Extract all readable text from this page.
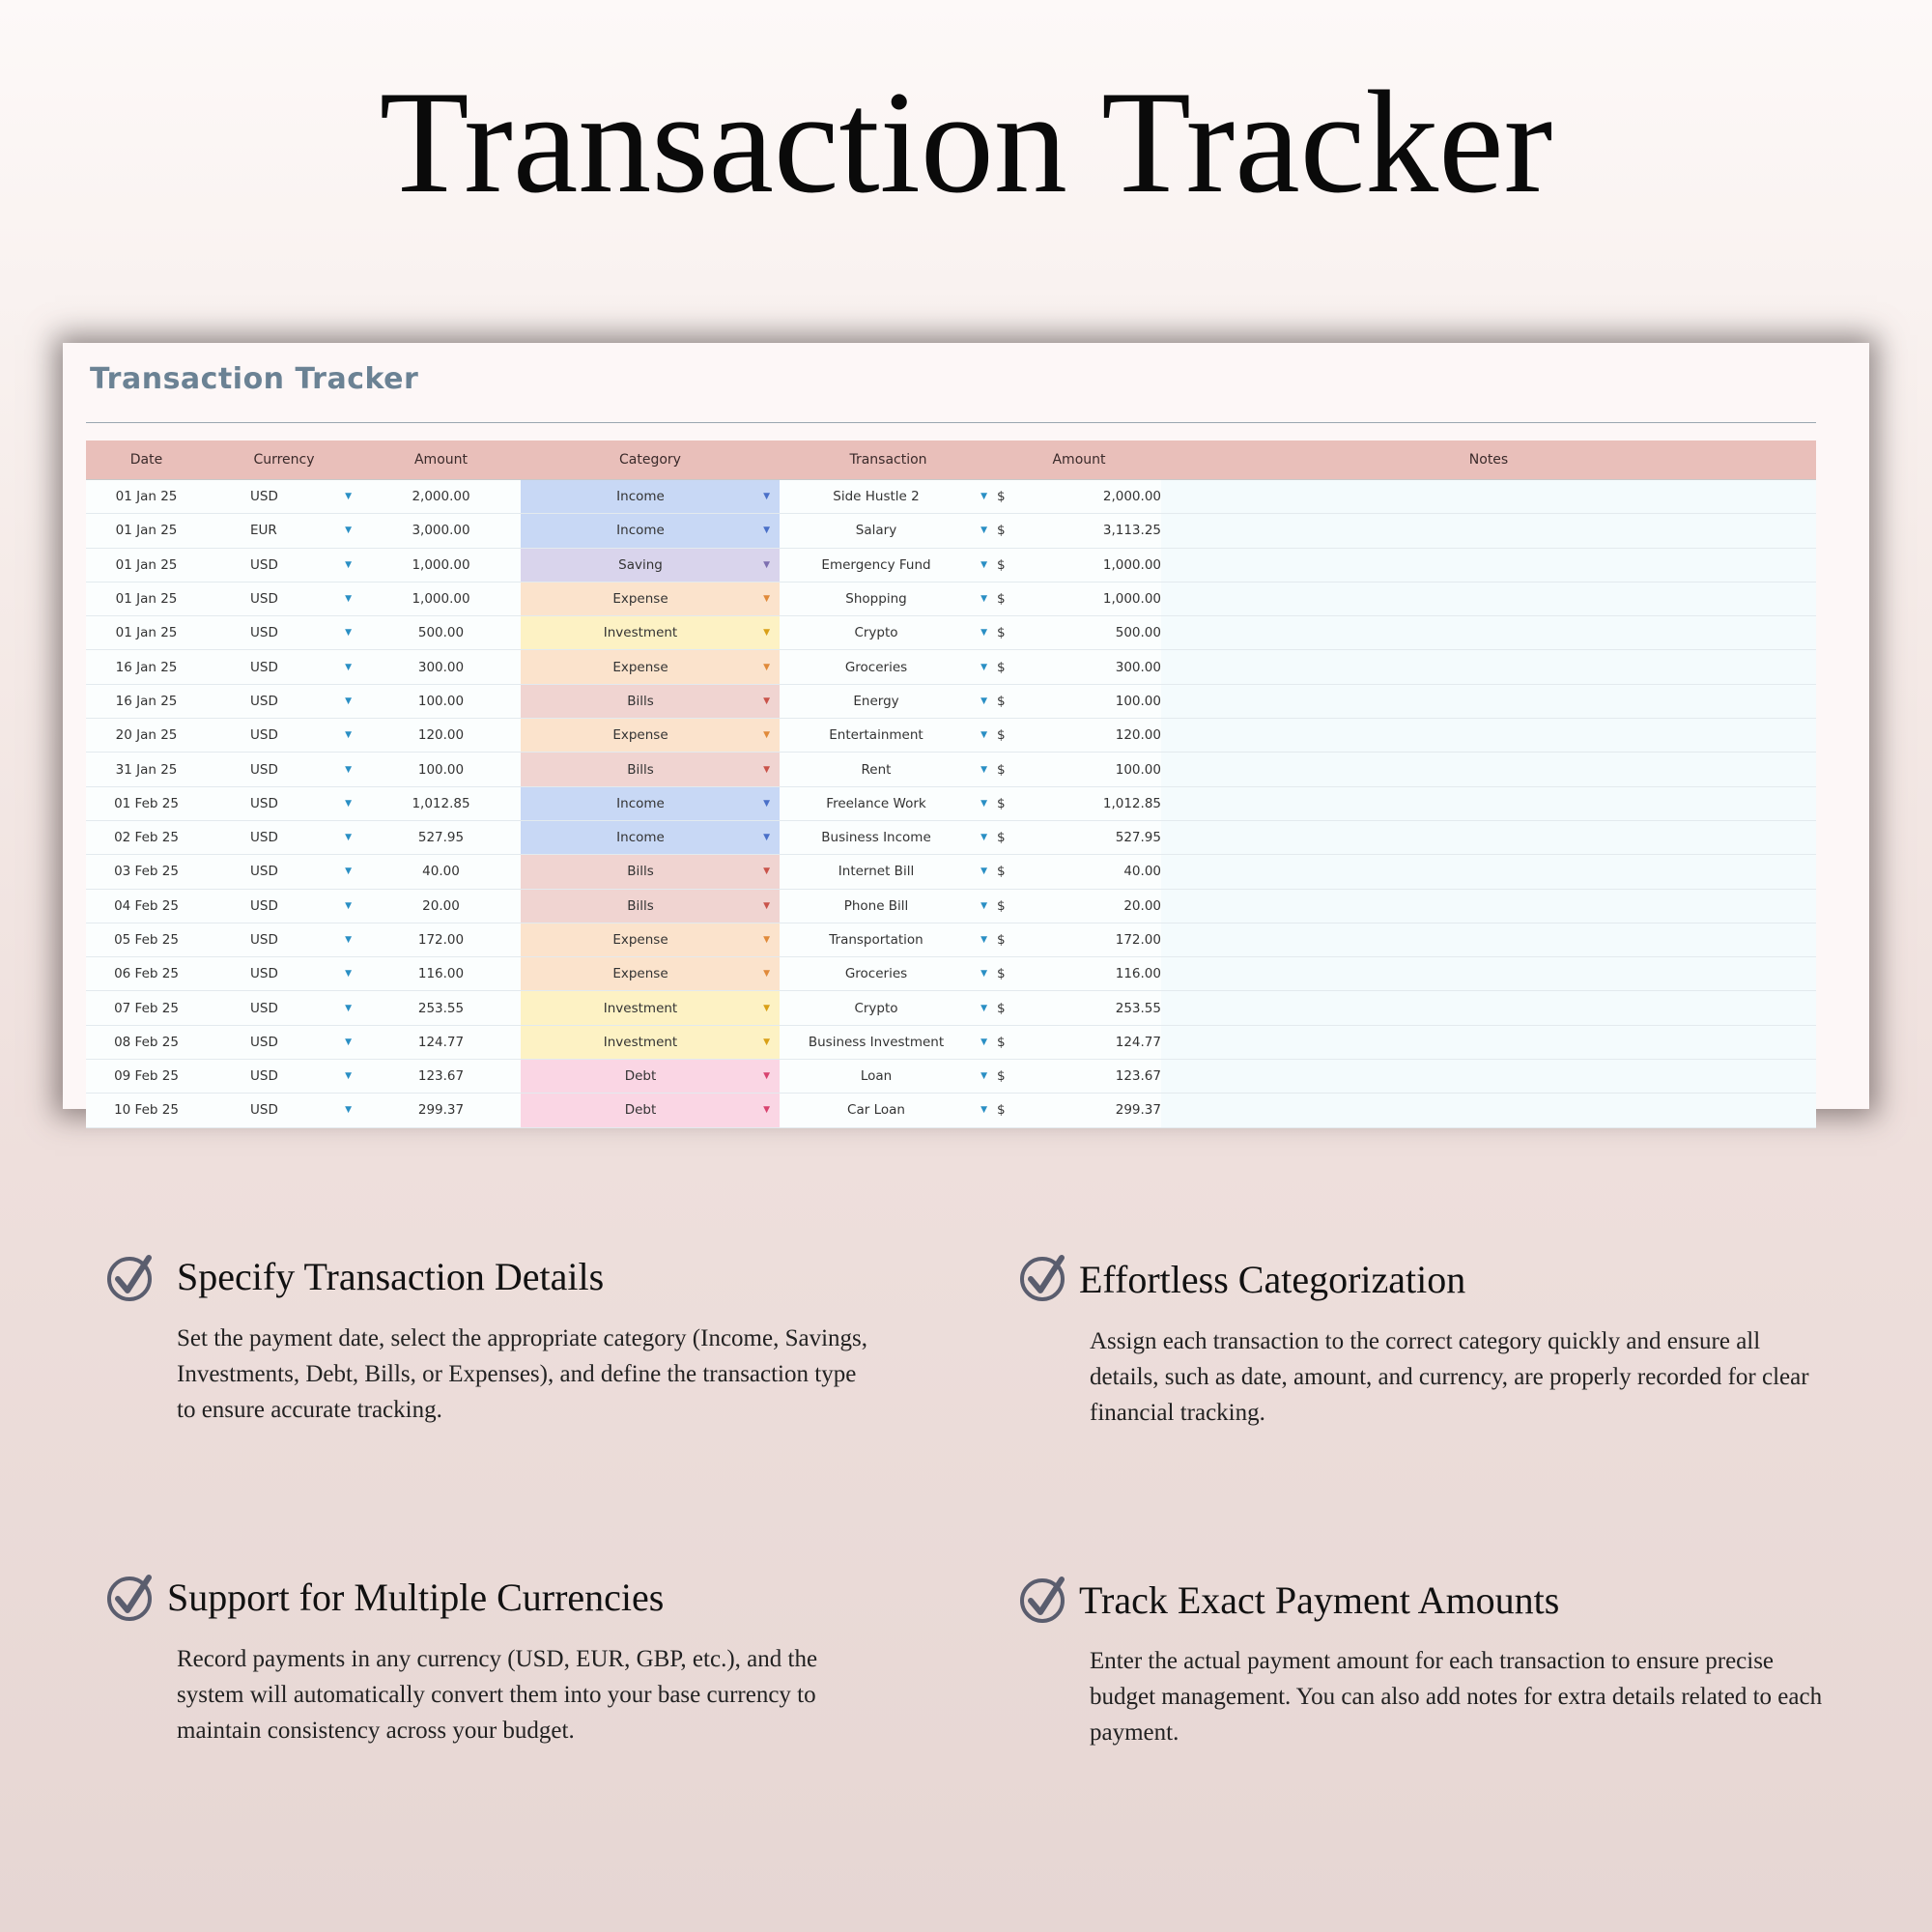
Transaction Tracker
Transaction Tracker
Date	Currency	Amount	Category	Transaction	Amount	Notes
01 Jan 25	USD	▼	2,000.00	Income	▼	Side Hustle 2	▼ $	2,000.00
01 Jan 25	EUR	▼	3,000.00	Income	▼	Salary	▼ $	3,113.25
01 Jan 25	USD	▼	1,000.00	Saving	▼	Emergency Fund	▼ $	1,000.00
01 Jan 25	USD	▼	1,000.00	Expense	▼	Shopping	▼ $	1,000.00
01 Jan 25	USD	▼	500.00	Investment	▼	Crypto	▼ $	500.00
16 Jan 25	USD	▼	300.00	Expense	▼	Groceries	▼ $	300.00
16 Jan 25	USD	▼	100.00	Bills	▼	Energy	▼ $	100.00
20 Jan 25	USD	▼	120.00	Expense	▼	Entertainment	▼ $	120.00
31 Jan 25	USD	▼	100.00	Bills	▼	Rent	▼ $	100.00
01 Feb 25	USD	▼	1,012.85	Income	▼	Freelance Work	▼ $	1,012.85
02 Feb 25	USD	▼	527.95	Income	▼	Business Income	▼ $	527.95
03 Feb 25	USD	▼	40.00	Bills	▼	Internet Bill	▼ $	40.00
04 Feb 25	USD	▼	20.00	Bills	▼	Phone Bill	▼ $	20.00
05 Feb 25	USD	▼	172.00	Expense	▼	Transportation	▼ $	172.00
06 Feb 25	USD	▼	116.00	Expense	▼	Groceries	▼ $	116.00
07 Feb 25	USD	▼	253.55	Investment	▼	Crypto	▼ $	253.55
08 Feb 25	USD	▼	124.77	Investment	▼	Business Investment	▼ $	124.77
09 Feb 25	USD	▼	123.67	Debt	▼	Loan	▼ $	123.67
10 Feb 25	USD	▼	299.37	Debt	▼	Car Loan	▼ $	299.37
Specify Transaction Details
Set the payment date, select the appropriate category (Income, Savings, Investments, Debt, Bills, or Expenses), and define the transaction type to ensure accurate tracking.
Effortless Categorization
Assign each transaction to the correct category quickly and ensure all details, such as date, amount, and currency, are properly recorded for clear financial tracking.
Support for Multiple Currencies
Record payments in any currency (USD, EUR, GBP, etc.), and the system will automatically convert them into your base currency to maintain consistency across your budget.
Track Exact Payment Amounts
Enter the actual payment amount for each transaction to ensure precise budget management. You can also add notes for extra details related to each payment.
